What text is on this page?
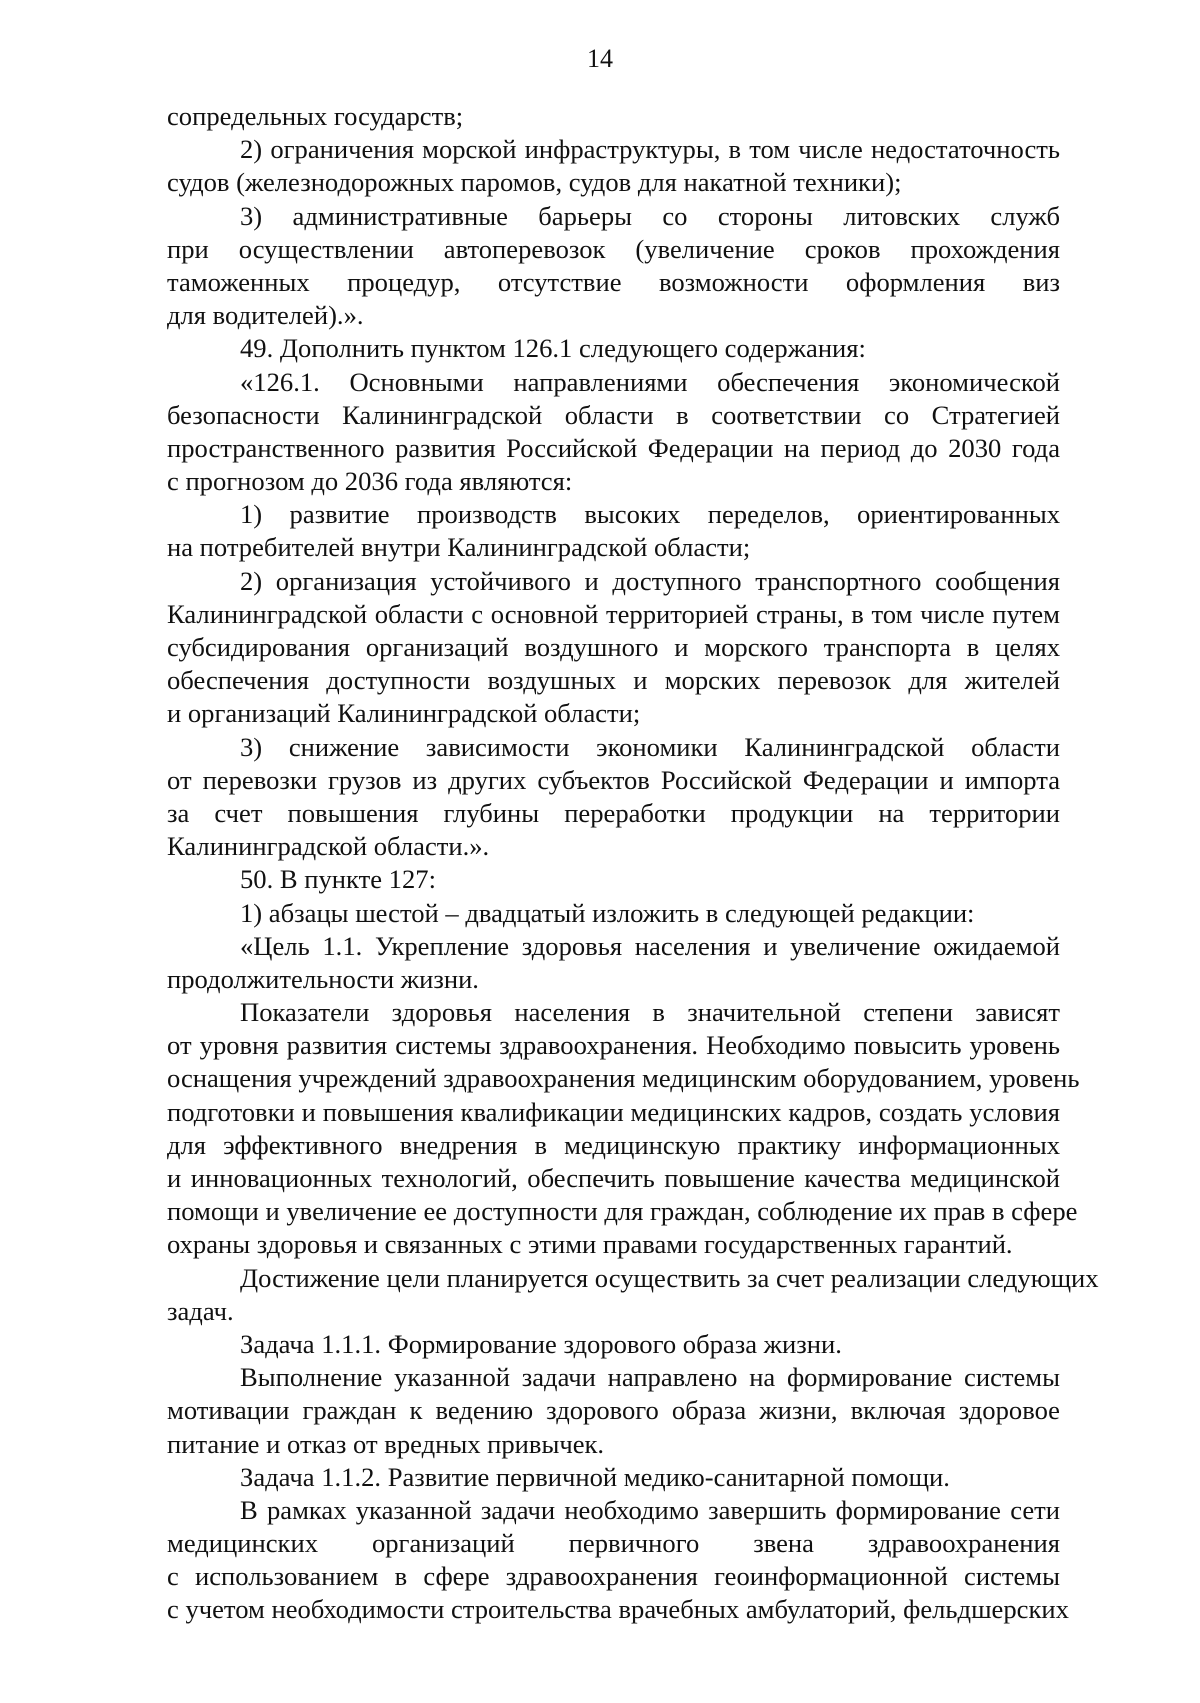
14
сопредельных государств;
2) ограничения морской инфраструктуры, в том числе недостаточность
судов (железнодорожных паромов, судов для накатной техники);
3) административные барьеры со стороны литовских служб
при осуществлении автоперевозок (увеличение сроков прохождения
таможенных процедур, отсутствие возможности оформления виз
для водителей).».
49. Дополнить пунктом 126.1 следующего содержания:
«126.1. Основными направлениями обеспечения экономической
безопасности Калининградской области в соответствии со Стратегией
пространственного развития Российской Федерации на период до 2030 года
с прогнозом до 2036 года являются:
1) развитие производств высоких переделов, ориентированных
на потребителей внутри Калининградской области;
2) организация устойчивого и доступного транспортного сообщения
Калининградской области с основной территорией страны, в том числе путем
субсидирования организаций воздушного и морского транспорта в целях
обеспечения доступности воздушных и морских перевозок для жителей
и организаций Калининградской области;
3) снижение зависимости экономики Калининградской области
от перевозки грузов из других субъектов Российской Федерации и импорта
за счет повышения глубины переработки продукции на территории
Калининградской области.».
50. В пункте 127:
1) абзацы шестой – двадцатый изложить в следующей редакции:
«Цель 1.1. Укрепление здоровья населения и увеличение ожидаемой
продолжительности жизни.
Показатели здоровья населения в значительной степени зависят
от уровня развития системы здравоохранения. Необходимо повысить уровень
оснащения учреждений здравоохранения медицинским оборудованием, уровень
подготовки и повышения квалификации медицинских кадров, создать условия
для эффективного внедрения в медицинскую практику информационных
и инновационных технологий, обеспечить повышение качества медицинской
помощи и увеличение ее доступности для граждан, соблюдение их прав в сфере
охраны здоровья и связанных с этими правами государственных гарантий.
Достижение цели планируется осуществить за счет реализации следующих
задач.
Задача 1.1.1. Формирование здорового образа жизни.
Выполнение указанной задачи направлено на формирование системы
мотивации граждан к ведению здорового образа жизни, включая здоровое
питание и отказ от вредных привычек.
Задача 1.1.2. Развитие первичной медико-санитарной помощи.
В рамках указанной задачи необходимо завершить формирование сети
медицинских организаций первичного звена здравоохранения
с использованием в сфере здравоохранения геоинформационной системы
с учетом необходимости строительства врачебных амбулаторий, фельдшерских
